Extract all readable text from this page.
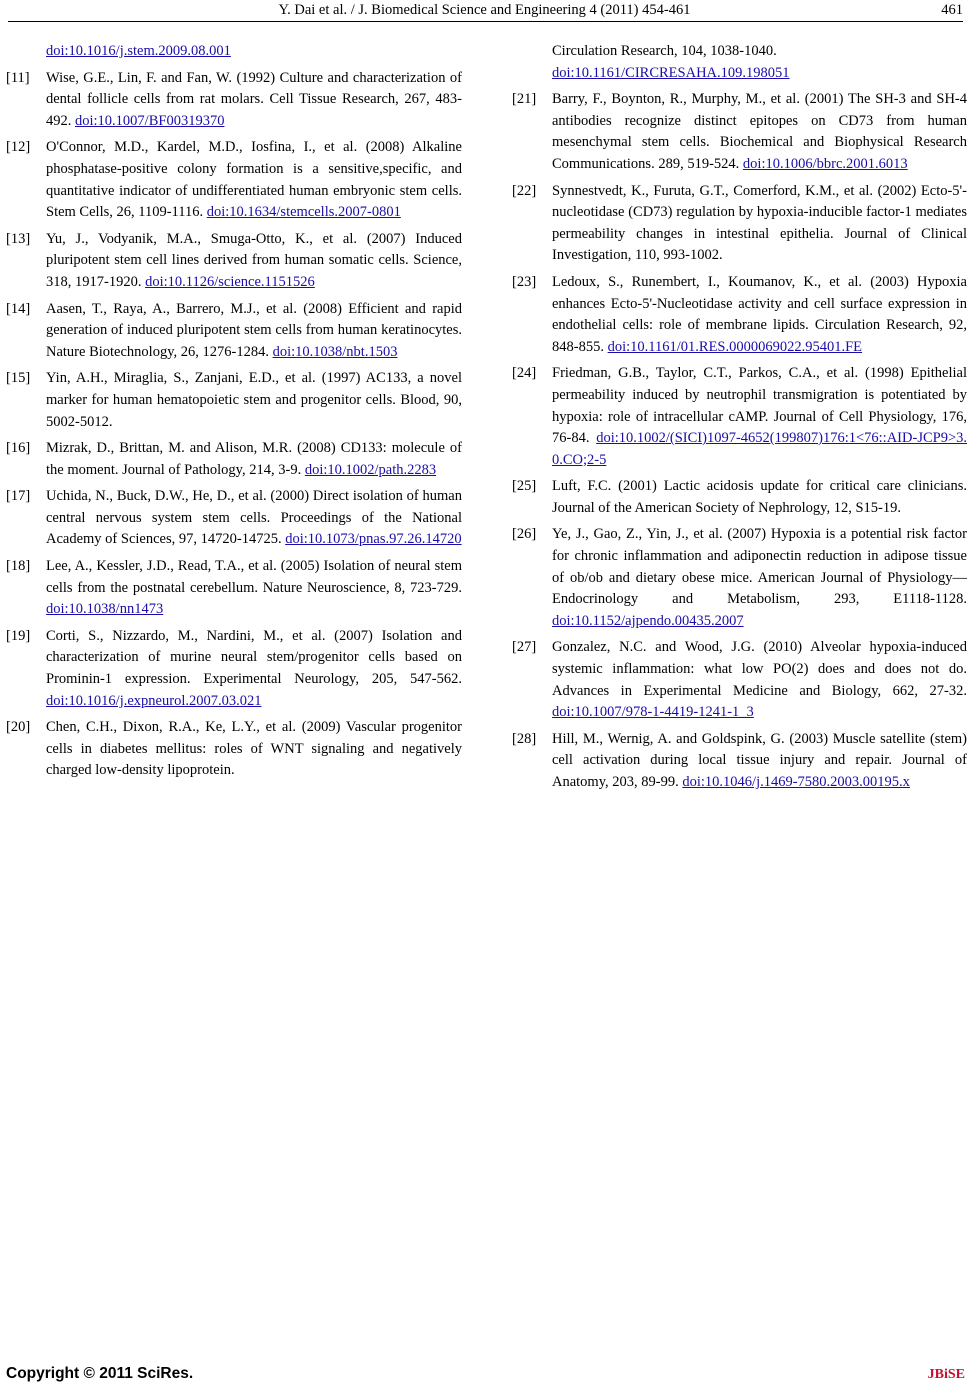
Y. Dai et al. / J. Biomedical Science and Engineering 4 (2011) 454-461	461
doi:10.1016/j.stem.2009.08.001
[11] Wise, G.E., Lin, F. and Fan, W. (1992) Culture and characterization of dental follicle cells from rat molars. Cell Tissue Research, 267, 483-492. doi:10.1007/BF00319370
[12] O'Connor, M.D., Kardel, M.D., Iosfina, I., et al. (2008) Alkaline phosphatase-positive colony formation is a sensitive,specific, and quantitative indicator of undifferentiated human embryonic stem cells. Stem Cells, 26, 1109-1116. doi:10.1634/stemcells.2007-0801
[13] Yu, J., Vodyanik, M.A., Smuga-Otto, K., et al. (2007) Induced pluripotent stem cell lines derived from human somatic cells. Science, 318, 1917-1920. doi:10.1126/science.1151526
[14] Aasen, T., Raya, A., Barrero, M.J., et al. (2008) Efficient and rapid generation of induced pluripotent stem cells from human keratinocytes. Nature Biotechnology, 26, 1276-1284. doi:10.1038/nbt.1503
[15] Yin, A.H., Miraglia, S., Zanjani, E.D., et al. (1997) AC133, a novel marker for human hematopoietic stem and progenitor cells. Blood, 90, 5002-5012.
[16] Mizrak, D., Brittan, M. and Alison, M.R. (2008) CD133: molecule of the moment. Journal of Pathology, 214, 3-9. doi:10.1002/path.2283
[17] Uchida, N., Buck, D.W., He, D., et al. (2000) Direct isolation of human central nervous system stem cells. Proceedings of the National Academy of Sciences, 97, 14720-14725. doi:10.1073/pnas.97.26.14720
[18] Lee, A., Kessler, J.D., Read, T.A., et al. (2005) Isolation of neural stem cells from the postnatal cerebellum. Nature Neuroscience, 8, 723-729. doi:10.1038/nn1473
[19] Corti, S., Nizzardo, M., Nardini, M., et al. (2007) Isolation and characterization of murine neural stem/progenitor cells based on Prominin-1 expression. Experimental Neurology, 205, 547-562. doi:10.1016/j.expneurol.2007.03.021
[20] Chen, C.H., Dixon, R.A., Ke, L.Y., et al. (2009) Vascular progenitor cells in diabetes mellitus: roles of WNT signaling and negatively charged low-density lipoprotein.
Circulation Research, 104, 1038-1040.
doi:10.1161/CIRCRESAHA.109.198051
[21] Barry, F., Boynton, R., Murphy, M., et al. (2001) The SH-3 and SH-4 antibodies recognize distinct epitopes on CD73 from human mesenchymal stem cells. Biochemical and Biophysical Research Communications. 289, 519-524. doi:10.1006/bbrc.2001.6013
[22] Synnestvedt, K., Furuta, G.T., Comerford, K.M., et al. (2002) Ecto-5'-nucleotidase (CD73) regulation by hypoxia-inducible factor-1 mediates permeability changes in intestinal epithelia. Journal of Clinical Investigation, 110, 993-1002.
[23] Ledoux, S., Runembert, I., Koumanov, K., et al. (2003) Hypoxia enhances Ecto-5'-Nucleotidase activity and cell surface expression in endothelial cells: role of membrane lipids. Circulation Research, 92, 848-855. doi:10.1161/01.RES.0000069022.95401.FE
[24] Friedman, G.B., Taylor, C.T., Parkos, C.A., et al. (1998) Epithelial permeability induced by neutrophil transmigration is potentiated by hypoxia: role of intracellular cAMP. Journal of Cell Physiology, 176, 76-84. doi:10.1002/(SICI)1097-4652(199807)176:1<76::AID-JCP9>3.0.CO;2-5
[25] Luft, F.C. (2001) Lactic acidosis update for critical care clinicians. Journal of the American Society of Nephrology, 12, S15-19.
[26] Ye, J., Gao, Z., Yin, J., et al. (2007) Hypoxia is a potential risk factor for chronic inflammation and adiponectin reduction in adipose tissue of ob/ob and dietary obese mice. American Journal of Physiology—Endocrinology and Metabolism, 293, E1118-1128. doi:10.1152/ajpendo.00435.2007
[27] Gonzalez, N.C. and Wood, J.G. (2010) Alveolar hypoxia-induced systemic inflammation: what low PO(2) does and does not do. Advances in Experimental Medicine and Biology, 662, 27-32. doi:10.1007/978-1-4419-1241-1_3
[28] Hill, M., Wernig, A. and Goldspink, G. (2003) Muscle satellite (stem) cell activation during local tissue injury and repair. Journal of Anatomy, 203, 89-99. doi:10.1046/j.1469-7580.2003.00195.x
Copyright © 2011 SciRes.	JBiSE
